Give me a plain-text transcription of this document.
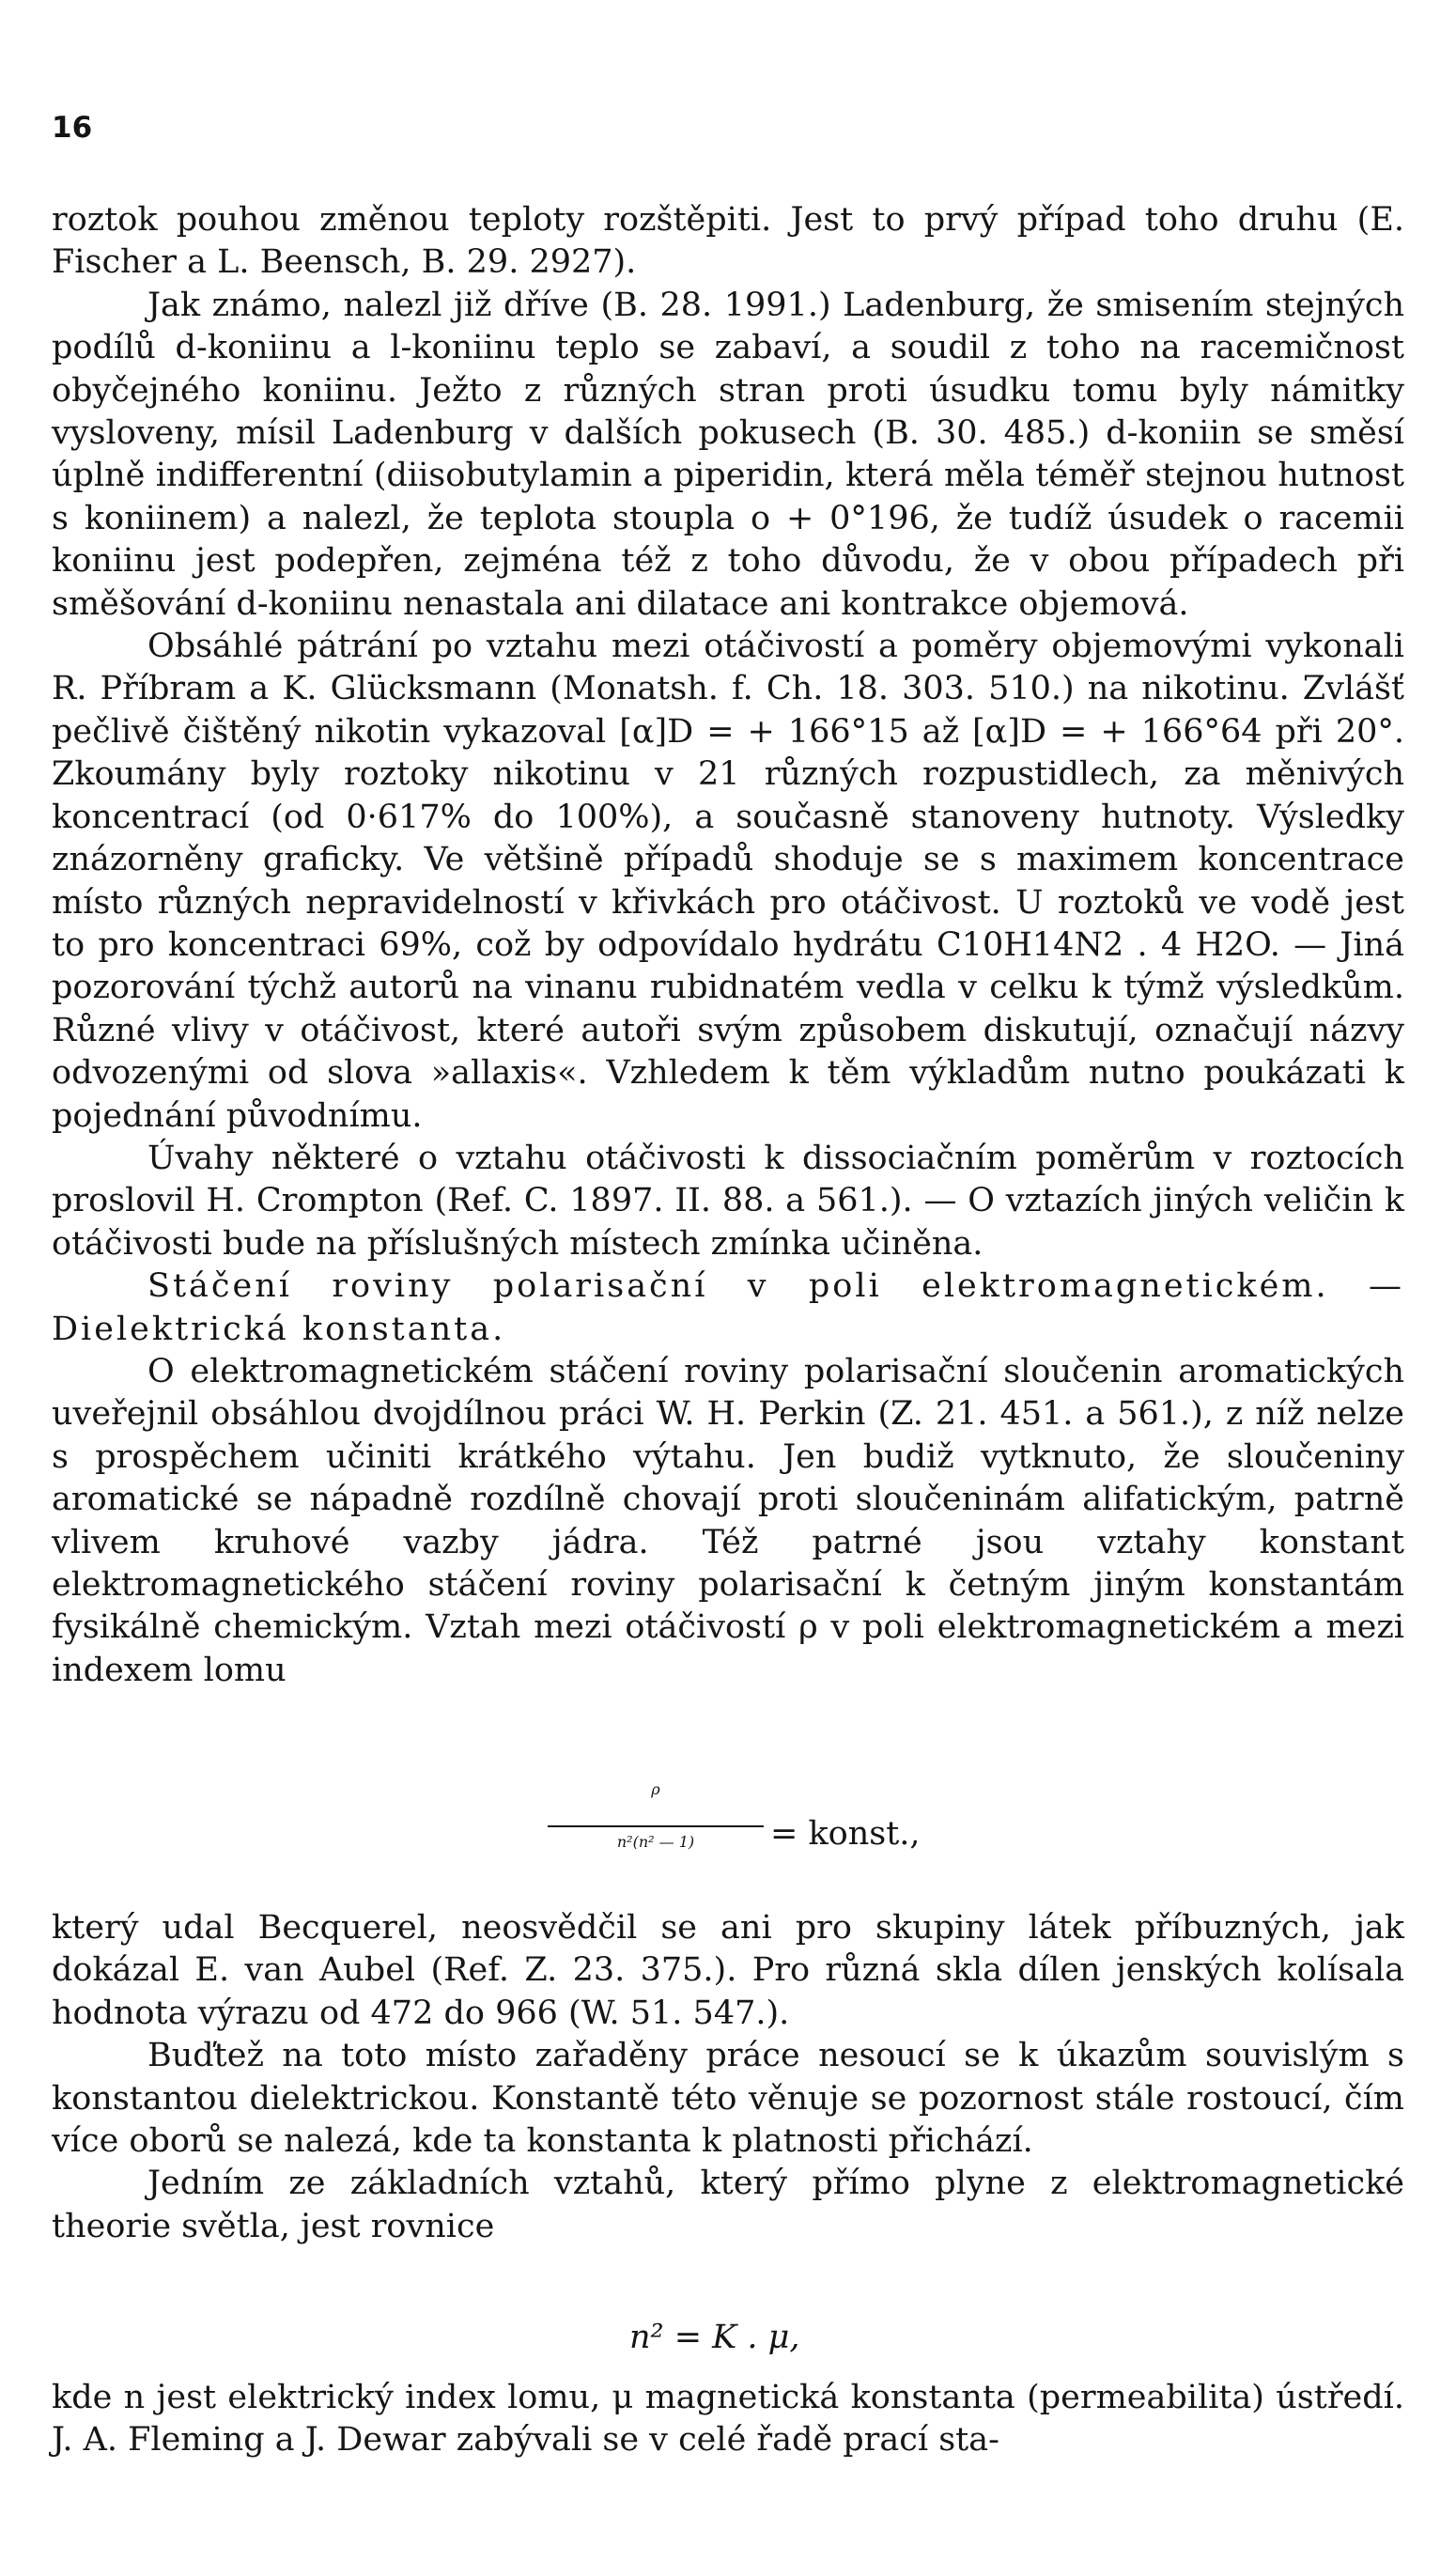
16

roztok pouhou změnou teploty rozštěpiti. Jest to prvý případ toho druhu (E. Fischer a L. Beensch, B. 29. 2927).

Jak známo, nalezl již dříve (B. 28. 1991.) Ladenburg, že smisením stejných podílů d-koniinu a l-koniinu teplo se zabaví, a soudil z toho na racemičnost obyčejného koniinu. Ježto z různých stran proti úsudku tomu byly námitky vysloveny, mísil Ladenburg v dalších pokusech (B. 30. 485.) d-koniin se směsí úplně indifferentní (diisobutylamin a piperidin, která měla téměř stejnou hutnost s koniinem) a nalezl, že teplota stoupla o + 0°196, že tudíž úsudek o racemii koniinu jest podepřen, zejména též z toho důvodu, že v obou případech při směšování d-koniinu nenastala ani dilatace ani kontrakce objemová.

Obsáhlé pátrání po vztahu mezi otáčivostí a poměry objemovými vykonali R. Příbram a K. Glücksmann (Monatsh. f. Ch. 18. 303. 510.) na nikotinu. Zvlášť pečlivě čištěný nikotin vykazoval [α]D = + 166°15 až [α]D = + 166°64 při 20°. Zkoumány byly roztoky nikotinu v 21 různých rozpustidlech, za měnivých koncentrací (od 0·617% do 100%), a současně stanoveny hutnoty. Výsledky znázorněny graficky. Ve většině případů shoduje se s maximem koncentrace místo různých nepravidelností v křivkách pro otáčivost. U roztoků ve vodě jest to pro koncentraci 69%, což by odpovídalo hydrátu C10H14N2 . 4 H2O. — Jiná pozorování týchž autorů na vinanu rubidnatém vedla v celku k týmž výsledkům. Různé vlivy v otáčivost, které autoři svým způsobem diskutují, označují názvy odvozenými od slova »allaxis«. Vzhledem k těm výkladům nutno poukázati k pojednání původnímu.

Úvahy některé o vztahu otáčivosti k dissociačním poměrům v roztocích proslovil H. Crompton (Ref. C. 1897. II. 88. a 561.). — O vztazích jiných veličin k otáčivosti bude na příslušných místech zmínka učiněna.

Stáčení roviny polarisační v poli elektromagnetickém. — Dielektrická konstanta.

O elektromagnetickém stáčení roviny polarisační sloučenin aromatických uveřejnil obsáhlou dvojdílnou práci W. H. Perkin (Z. 21. 451. a 561.), z níž nelze s prospěchem učiniti krátkého výtahu. Jen budiž vytknuto, že sloučeniny aromatické se nápadně rozdílně chovají proti sloučeninám alifatickým, patrně vlivem kruhové vazby jádra. Též patrné jsou vztahy konstant elektromagnetického stáčení roviny polarisační k četným jiným konstantám fysikálně chemickým. Vztah mezi otáčivostí ρ v poli elektromagnetickém a mezi indexem lomu

ρ
n²(n² — 1)	= konst.,

který udal Becquerel, neosvědčil se ani pro skupiny látek příbuzných, jak dokázal E. van Aubel (Ref. Z. 23. 375.). Pro různá skla dílen jenských kolísala hodnota výrazu od 472 do 966 (W. 51. 547.).

Buďtež na toto místo zařaděny práce nesoucí se k úkazům souvislým s konstantou dielektrickou. Konstantě této věnuje se pozornost stále rostoucí, čím více oborů se nalezá, kde ta konstanta k platnosti přichází.

Jedním ze základních vztahů, který přímo plyne z elektromagnetické theorie světla, jest rovnice

n² = K . μ,

kde n jest elektrický index lomu, μ magnetická konstanta (permeabilita) ústředí. J. A. Fleming a J. Dewar zabývali se v celé řadě prací sta-
